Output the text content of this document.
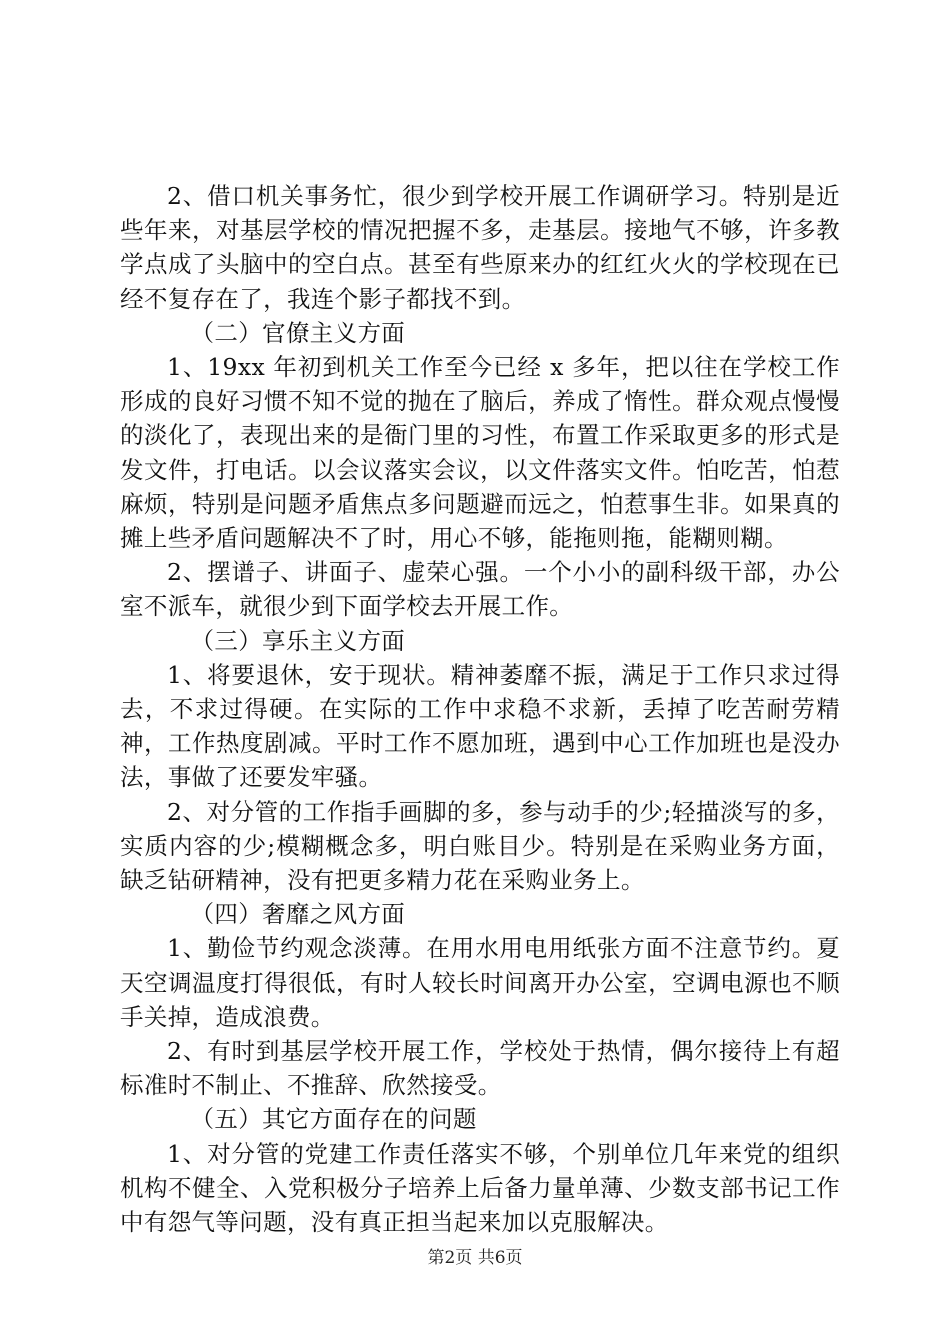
2、借口机关事务忙，很少到学校开展工作调研学习。特别是近些年来，对基层学校的情况把握不多，走基层。接地气不够，许多教学点成了头脑中的空白点。甚至有些原来办的红红火火的学校现在已经不复存在了，我连个影子都找不到。

（二）官僚主义方面

1、19xx 年初到机关工作至今已经 x 多年，把以往在学校工作形成的良好习惯不知不觉的抛在了脑后，养成了惰性。群众观点慢慢的淡化了，表现出来的是衙门里的习性，布置工作采取更多的形式是发文件，打电话。以会议落实会议，以文件落实文件。怕吃苦，怕惹麻烦，特别是问题矛盾焦点多问题避而远之，怕惹事生非。如果真的摊上些矛盾问题解决不了时，用心不够，能拖则拖，能糊则糊。

2、摆谱子、讲面子、虚荣心强。一个小小的副科级干部，办公室不派车，就很少到下面学校去开展工作。

（三）享乐主义方面

1、将要退休，安于现状。精神萎靡不振，满足于工作只求过得去，不求过得硬。在实际的工作中求稳不求新，丢掉了吃苦耐劳精神，工作热度剧减。平时工作不愿加班，遇到中心工作加班也是没办法，事做了还要发牢骚。

2、对分管的工作指手画脚的多，参与动手的少;轻描淡写的多，实质内容的少;模糊概念多，明白账目少。特别是在采购业务方面，缺乏钻研精神，没有把更多精力花在采购业务上。

（四）奢靡之风方面

1、勤俭节约观念淡薄。在用水用电用纸张方面不注意节约。夏天空调温度打得很低，有时人较长时间离开办公室，空调电源也不顺手关掉，造成浪费。

2、有时到基层学校开展工作，学校处于热情，偶尔接待上有超标准时不制止、不推辞、欣然接受。

（五）其它方面存在的问题

1、对分管的党建工作责任落实不够，个别单位几年来党的组织机构不健全、入党积极分子培养上后备力量单薄、少数支部书记工作中有怨气等问题，没有真正担当起来加以克服解决。

第2页 共6页
